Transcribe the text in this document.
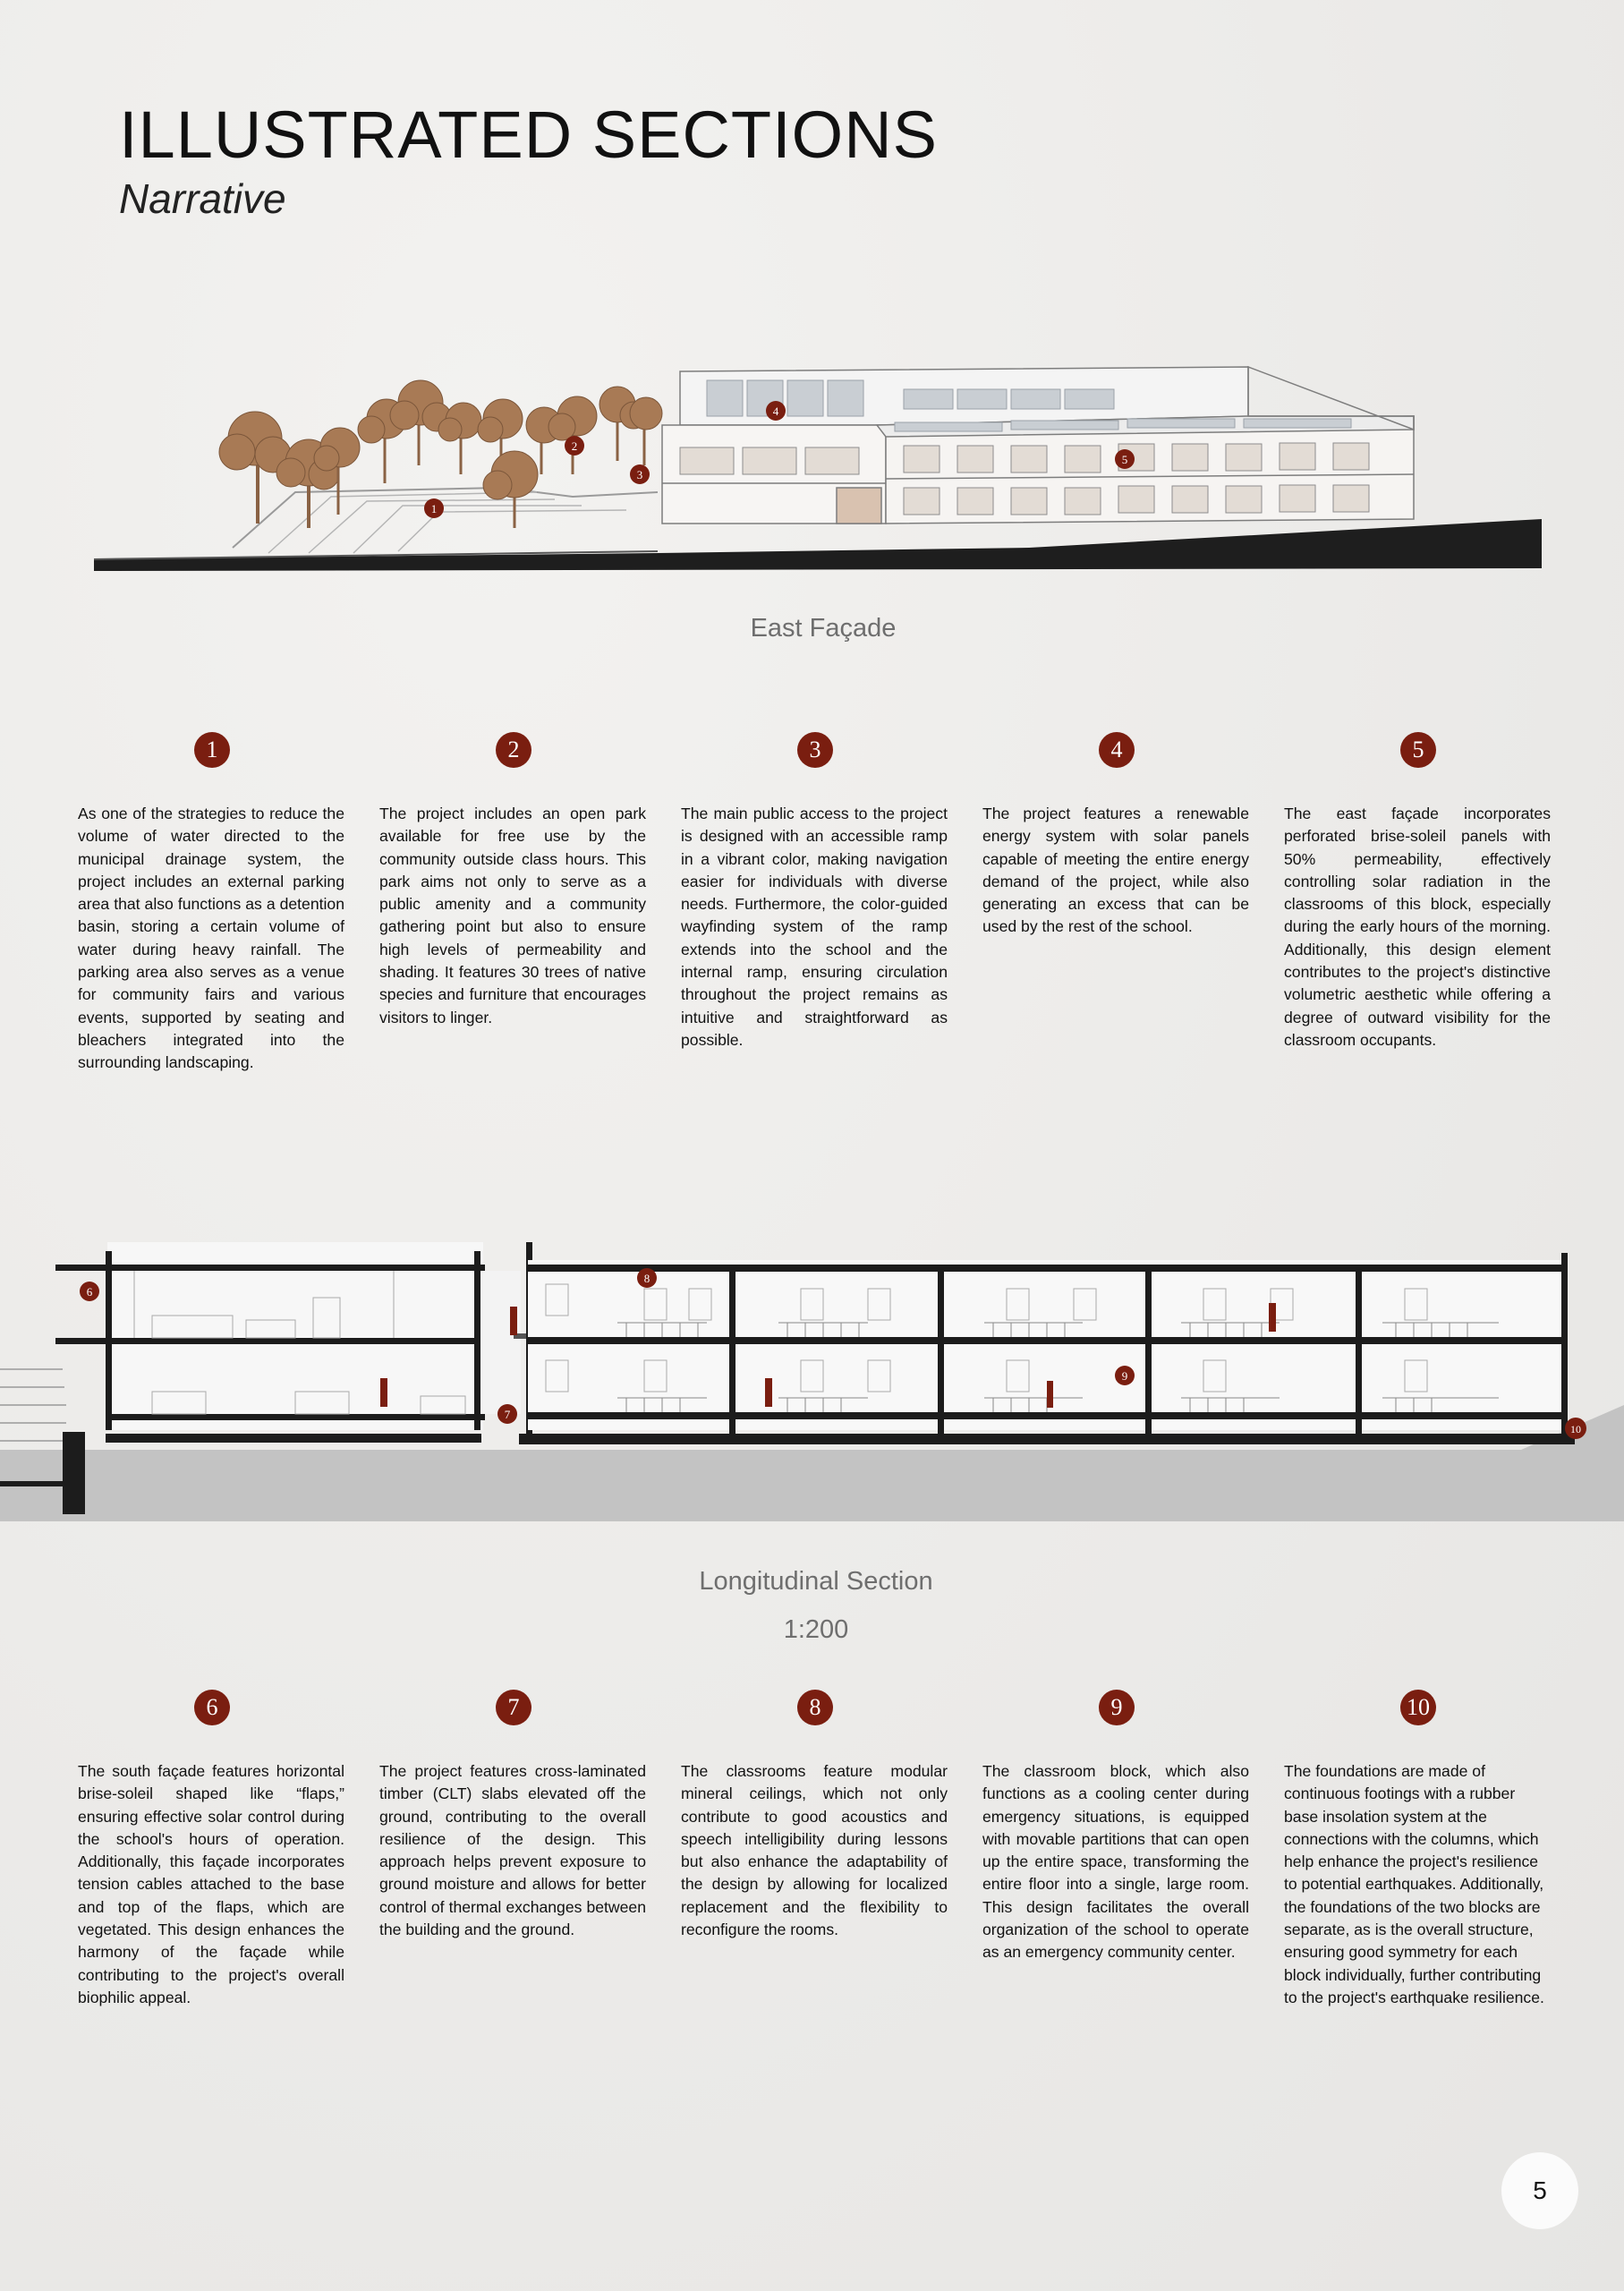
ILLUSTRATED SECTIONS

Narrative

1
2
3
4
5
East Façade
1	2	3	4	5

As one of the strategies to reduce the volume of water directed to the municipal drainage system, the project includes an external parking area that also functions as a detention basin, storing a certain volume of water during heavy rainfall. The parking area also serves as a venue for community fairs and various events, supported by seating and bleachers integrated into the surrounding landscaping.

The project includes an open park available for free use by the community outside class hours. This park aims not only to serve as a public amenity and a community gathering point but also to ensure high levels of permeability and shading. It features 30 trees of native species and furniture that encourages visitors to linger.

The main public access to the project is designed with an accessible ramp in a vibrant color, making navigation easier for individuals with diverse needs. Furthermore, the color-guided wayfinding system of the ramp extends into the school and the internal ramp, ensuring circulation throughout the project remains as intuitive and straightforward as possible.

The project features a renewable energy system with solar panels capable of meeting the entire energy demand of the project, while also generating an excess that can be used by the rest of the school.

The east façade incorporates perforated brise-soleil panels with 50% permeability, effectively controlling solar radiation in the classrooms of this block, especially during the early hours of the morning. Additionally, this design element contributes to the project's distinctive volumetric aesthetic while offering a degree of outward visibility for the classroom occupants.

6
7
8
9
10
Longitudinal Section
1:200
6	7	8	9	10

The south façade features horizontal brise-soleil shaped like “flaps,” ensuring effective solar control during the school's hours of operation. Additionally, this façade incorporates tension cables attached to the base and top of the flaps, which are vegetated. This design enhances the harmony of the façade while contributing to the project's overall biophilic appeal.

The project features cross-laminated timber (CLT) slabs elevated off the ground, contributing to the overall resilience of the design. This approach helps prevent exposure to ground moisture and allows for better control of thermal exchanges between the building and the ground.

The classrooms feature modular mineral ceilings, which not only contribute to good acoustics and speech intelligibility during lessons but also enhance the adaptability of the design by allowing for localized replacement and the flexibility to reconfigure the rooms.

The classroom block, which also functions as a cooling center during emergency situations, is equipped with movable partitions that can open up the entire space, transforming the entire floor into a single, large room. This design facilitates the overall organization of the school to operate as an emergency community center.

The foundations are made of continuous footings with a rubber base insolation system at the connections with the columns, which help enhance the project's resilience to potential earthquakes. Additionally, the foundations of the two blocks are separate, as is the overall structure, ensuring good symmetry for each block individually, further contributing to the project's earthquake resilience.

5
